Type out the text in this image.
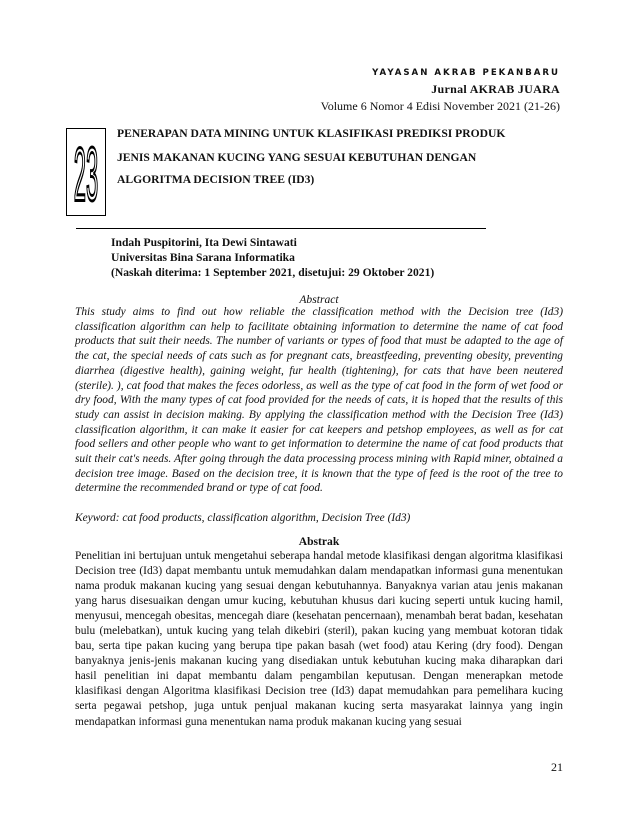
YAYASAN AKRAB PEKANBARU
Jurnal AKRAB JUARA
Volume 6 Nomor 4 Edisi November 2021 (21-26)
23 PENERAPAN DATA MINING UNTUK KLASIFIKASI PREDIKSI PRODUK
JENIS MAKANAN KUCING YANG SESUAI KEBUTUHAN DENGAN
ALGORITMA DECISION TREE (ID3)
Indah Puspitorini, Ita Dewi Sintawati
Universitas Bina Sarana Informatika
(Naskah diterima: 1 September 2021, disetujui: 29 Oktober 2021)
Abstract

This study aims to find out how reliable the classification method with the Decision tree (Id3) classification algorithm can help to facilitate obtaining information to determine the name of cat food products that suit their needs. The number of variants or types of food that must be adapted to the age of the cat, the special needs of cats such as for pregnant cats, breastfeeding, preventing obesity, preventing diarrhea (digestive health), gaining weight, fur health (tightening), for cats that have been neutered (sterile). ), cat food that makes the feces odorless, as well as the type of cat food in the form of wet food or dry food, With the many types of cat food provided for the needs of cats, it is hoped that the results of this study can assist in decision making. By applying the classification method with the Decision Tree (Id3) classification algorithm, it can make it easier for cat keepers and petshop employees, as well as for cat food sellers and other people who want to get information to determine the name of cat food products that suit their cat's needs. After going through the data processing process mining with Rapid miner, obtained a decision tree image. Based on the decision tree, it is known that the type of feed is the root of the tree to determine the recommended brand or type of cat food.

Keyword: cat food products, classification algorithm, Decision Tree (Id3)
Abstrak

Penelitian ini bertujuan untuk mengetahui seberapa handal metode klasifikasi dengan algoritma klasifikasi Decision tree (Id3) dapat membantu untuk memudahkan dalam mendapatkan informasi guna menentukan nama produk makanan kucing yang sesuai dengan kebutuhannya. Banyaknya varian atau jenis makanan yang harus disesuaikan dengan umur kucing, kebutuhan khusus dari kucing seperti untuk kucing hamil, menyusui, mencegah obesitas, mencegah diare (kesehatan pencernaan), menambah berat badan, kesehatan bulu (melebatkan), untuk kucing yang telah dikebiri (steril), pakan kucing yang membuat kotoran tidak bau, serta tipe pakan kucing yang berupa tipe pakan basah (wet food) atau Kering (dry food). Dengan banyaknya jenis-jenis makanan kucing yang disediakan untuk kebutuhan kucing maka diharapkan dari hasil penelitian ini dapat membantu dalam pengambilan keputusan. Dengan menerapkan metode klasifikasi dengan Algoritma klasifikasi Decision tree (Id3) dapat memudahkan para pemelihara kucing serta pegawai petshop, juga untuk penjual makanan kucing serta masyarakat lainnya yang ingin mendapatkan informasi guna menentukan nama produk makanan kucing yang sesuai

21
